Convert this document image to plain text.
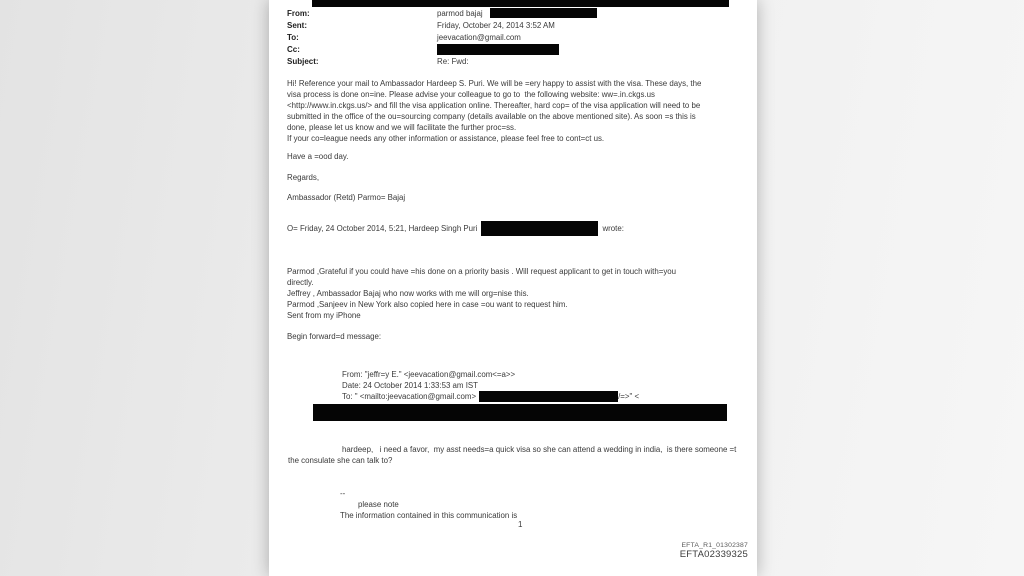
From:	parmod bajaj
Sent:	Friday, October 24, 2014 3:52 AM
To:	jeevacation@gmail.com
Cc:
Subject:	Re: Fwd:
Hi! Reference your mail to Ambassador Hardeep S. Puri. We will be =ery happy to assist with the visa. These days, the
visa process is done on=ine. Please advise your colleague to go to  the following website: ww=.in.ckgs.us
<http://www.in.ckgs.us/> and fill the visa application online. Thereafter, hard cop= of the visa application will need to be
submitted in the office of the ou=sourcing company (details available on the above mentioned site). As soon =s this is
done, please let us know and we will facilitate the further proc=ss.
If your co=league needs any other information or assistance, please feel free to cont=ct us.
Have a =ood day.
Regards,
Ambassador (Retd) Parmo= Bajaj
O= Friday, 24 October 2014, 5:21, Hardeep Singh Puri	wrote:
Parmod ,Grateful if you could have =his done on a priority basis . Will request applicant to get in touch with=you
directly.
Jeffrey , Ambassador Bajaj who now works with me will org=nise this.
Parmod ,Sanjeev in New York also copied here in case =ou want to request him.
Sent from my iPhone
Begin forward=d message:
From: "jeffr=y E." <jeevacation@gmail.com<=a>>
Date: 24 October 2014 1:33:53 am IST
To: " <mailto:jeevacation@gmail.com>	/=>" <
hardeep,   i need a favor,  my asst needs=a quick visa so she can attend a wedding in india,  is there someone =t
the consulate she can talk to?
--
please note
The information contained in this communication is
1
EFTA_R1_01302387
EFTA02339325
